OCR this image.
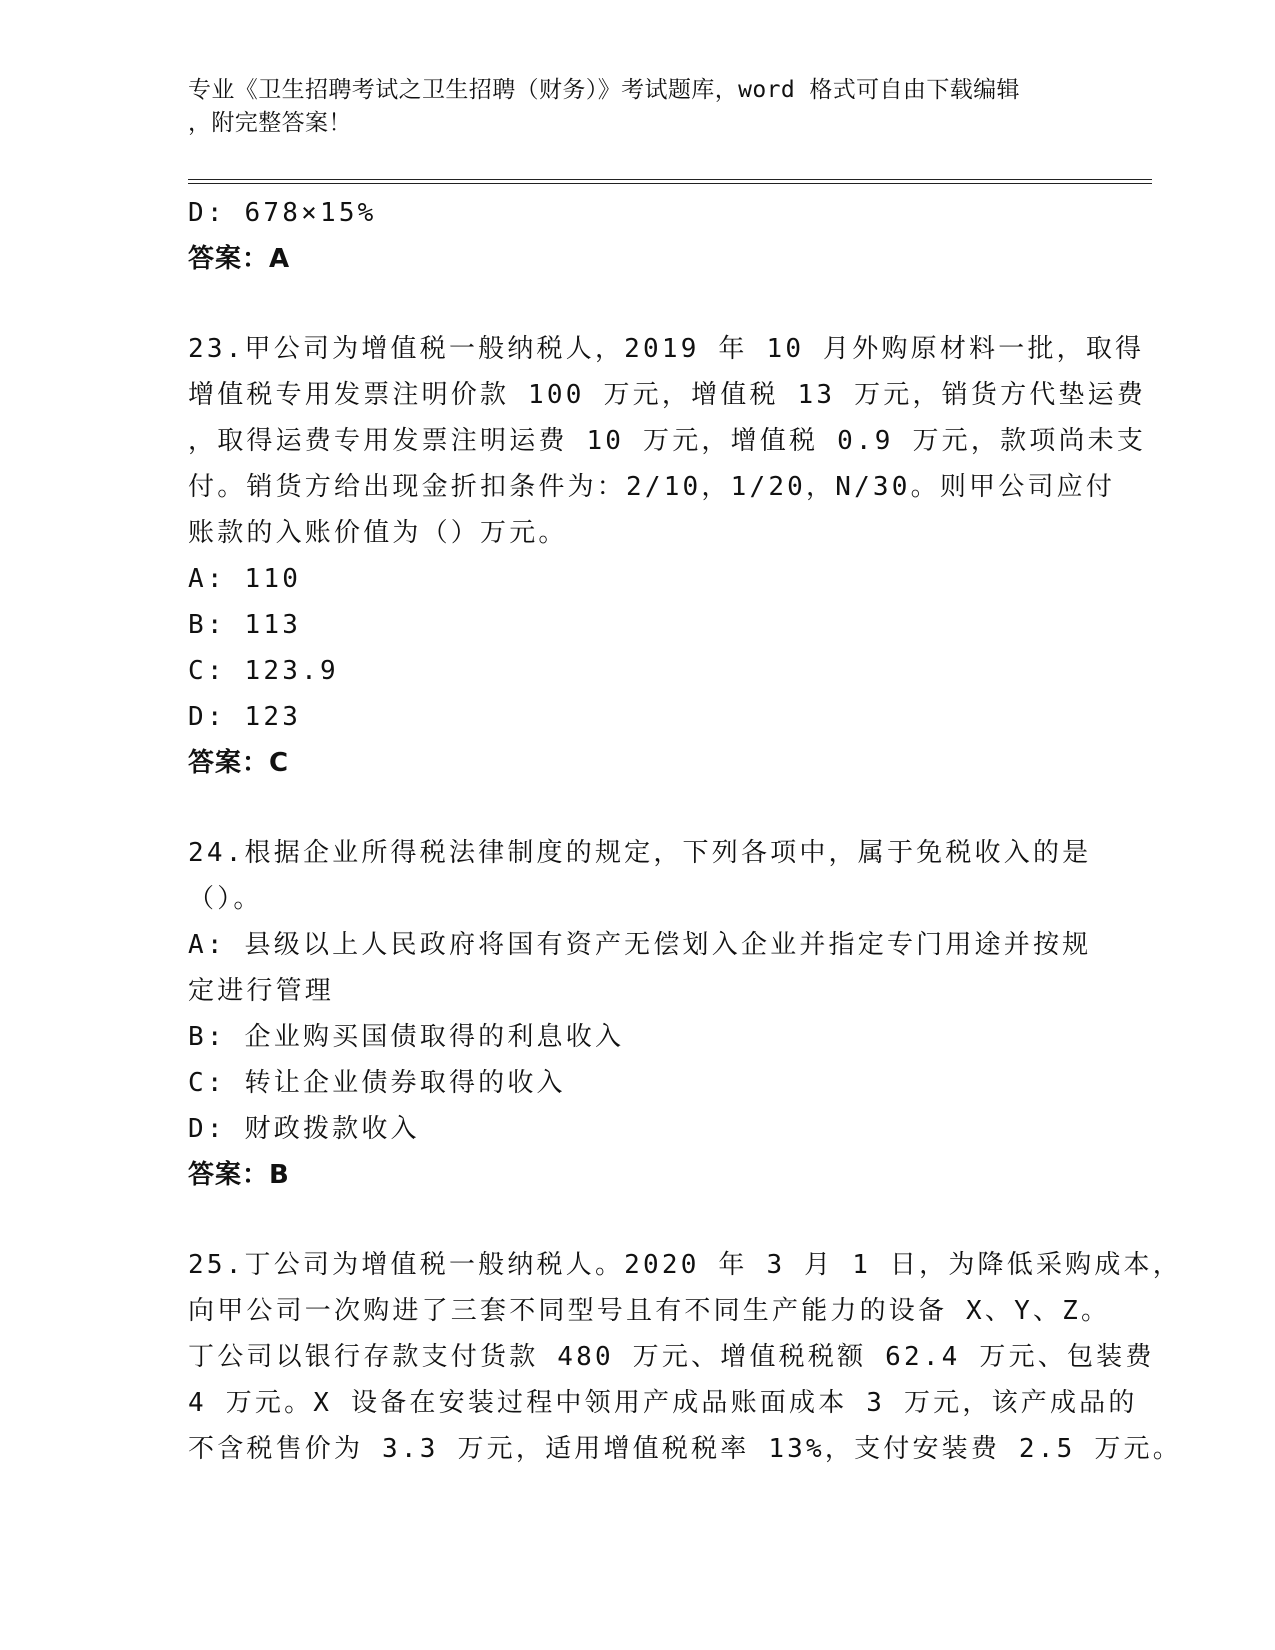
专业《卫生招聘考试之卫生招聘（财务）》考试题库，word 格式可自由下载编辑
，附完整答案！
D: 678×15%
答案：A
23.甲公司为增值税一般纳税人，2019 年 10 月外购原材料一批，取得
增值税专用发票注明价款 100 万元，增值税 13 万元，销货方代垫运费
，取得运费专用发票注明运费 10 万元，增值税 0.9 万元，款项尚未支
付。销货方给出现金折扣条件为：2/10，1/20，N/30。则甲公司应付
账款的入账价值为（）万元。
A: 110
B: 113
C: 123.9
D: 123
答案：C
24.根据企业所得税法律制度的规定，下列各项中，属于免税收入的是
（）。
A: 县级以上人民政府将国有资产无偿划入企业并指定专门用途并按规
定进行管理
B: 企业购买国债取得的利息收入
C: 转让企业债券取得的收入
D: 财政拨款收入
答案：B
25.丁公司为增值税一般纳税人。2020 年 3 月 1 日，为降低采购成本，
向甲公司一次购进了三套不同型号且有不同生产能力的设备 X、Y、Z。
丁公司以银行存款支付货款 480 万元、增值税税额 62.4 万元、包装费
4 万元。X 设备在安装过程中领用产成品账面成本 3 万元，该产成品的
不含税售价为 3.3 万元，适用增值税税率 13%，支付安装费 2.5 万元。
